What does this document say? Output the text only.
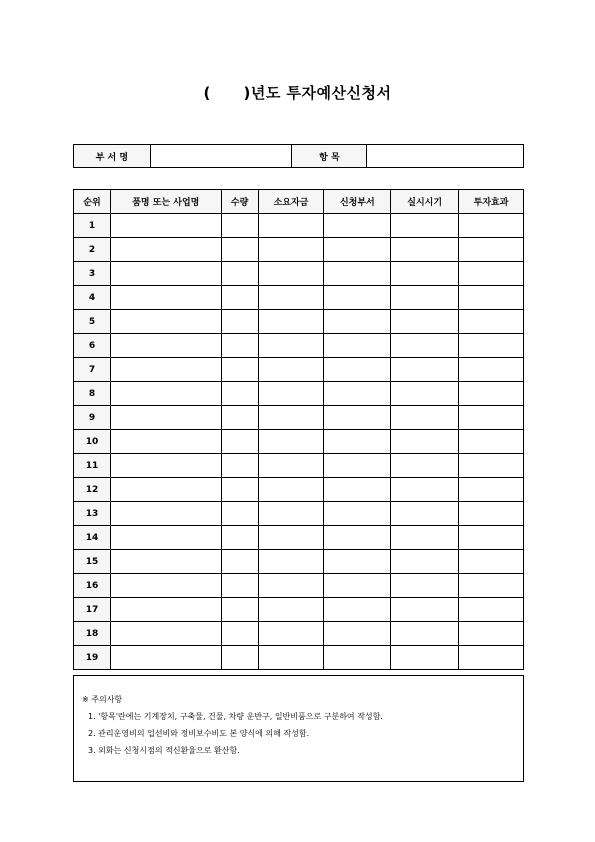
( )년도 투자예산신청서
부 서 명		항 목	
순위	품명 또는 사업명	수량	소요자금	신청부서	실시시기	투자효과
1						
2						
3						
4						
5						
6						
7						
8						
9						
10						
11						
12						
13						
14						
15						
16						
17						
18						
19						
※ 주의사항
1. '항목'란에는 기계장치, 구축물, 건물, 차량 운반구, 일반비품으로 구분하여 작성함.
2. 관리운영비의 업선비와 정비보수비도 본 양식에 의해 작성함.
3. 외화는 신청시점의 적신환율으로 환산함.
